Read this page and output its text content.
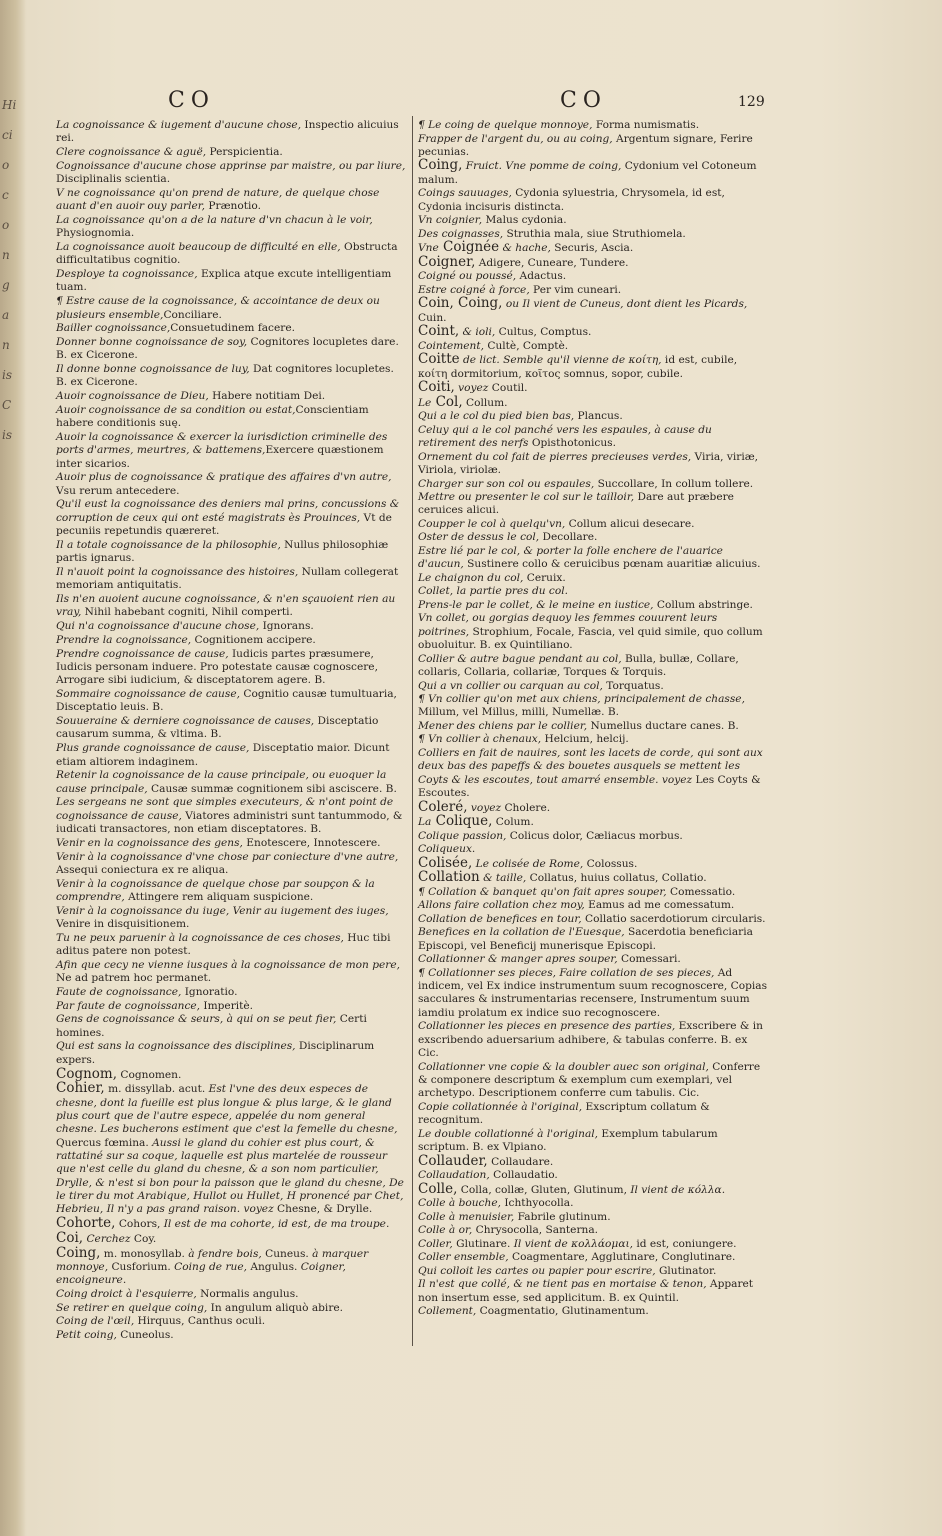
Hi
ci
o
c
o
n
g
a
n
is
C
is
CO	CO	129

La cognoissance & iugement d'aucune chose, Inspectio alicuius rei.

Clere cognoissance & aguë, Perspicientia.

Cognoissance d'aucune chose apprinse par maistre, ou par liure, Disciplinalis scientia.

V ne cognoissance qu'on prend de nature, de quelque chose auant d'en auoir ouy parler, Prænotio.

La cognoissance qu'on a de la nature d'vn chacun à le voir, Physiognomia.

La cognoissance auoit beaucoup de difficulté en elle, Obstructa difficultatibus cognitio.

Desploye ta cognoissance, Explica atque excute intelligentiam tuam.

¶ Estre cause de la cognoissance, & accointance de deux ou plusieurs ensemble,Conciliare.

Bailler cognoissance,Consuetudinem facere.

Donner bonne cognoissance de soy, Cognitores locupletes dare. B. ex Cicerone.

Il donne bonne cognoissance de luy, Dat cognitores locupletes. B. ex Cicerone.

Auoir cognoissance de Dieu, Habere notitiam Dei.

Auoir cognoissance de sa condition ou estat,Conscientiam habere conditionis suę.

Auoir la cognoissance & exercer la iurisdiction criminelle des ports d'armes, meurtres, & battemens,Exercere quæstionem inter sicarios.

Auoir plus de cognoissance & pratique des affaires d'vn autre, Vsu rerum antecedere.

Qu'il eust la cognoissance des deniers mal prins, concussions & corruption de ceux qui ont esté magistrats ès Prouinces, Vt de pecuniis repetundis quæreret.

Il a totale cognoissance de la philosophie, Nullus philosophiæ partis ignarus.

Il n'auoit point la cognoissance des histoires, Nullam collegerat memoriam antiquitatis.

Ils n'en auoient aucune cognoissance, & n'en sçauoient rien au vray, Nihil habebant cogniti, Nihil comperti.

Qui n'a cognoissance d'aucune chose, Ignorans.

Prendre la cognoissance, Cognitionem accipere.

Prendre cognoissance de cause, Iudicis partes præsumere, Iudicis personam induere. Pro potestate causæ cognoscere, Arrogare sibi iudicium, & disceptatorem agere. B.

Sommaire cognoissance de cause, Cognitio causæ tumultuaria, Disceptatio leuis. B.

Souueraine & derniere cognoissance de causes, Disceptatio causarum summa, & vltima. B.

Plus grande cognoissance de cause, Disceptatio maior. Dicunt etiam altiorem indaginem.

Retenir la cognoissance de la cause principale, ou euoquer la cause principale, Causæ summæ cognitionem sibi asciscere. B.

Les sergeans ne sont que simples executeurs, & n'ont point de cognoissance de cause, Viatores administri sunt tantummodo, & iudicati transactores, non etiam disceptatores. B.

Venir en la cognoissance des gens, Enotescere, Innotescere.

Venir à la cognoissance d'vne chose par coniecture d'vne autre, Assequi coniectura ex re aliqua.

Venir à la cognoissance de quelque chose par soupçon & la comprendre, Attingere rem aliquam suspicione.

Venir à la cognoissance du iuge, Venir au iugement des iuges, Venire in disquisitionem.

Tu ne peux paruenir à la cognoissance de ces choses, Huc tibi aditus patere non potest.

Afin que cecy ne vienne iusques à la cognoissance de mon pere, Ne ad patrem hoc permanet.

Faute de cognoissance, Ignoratio.

Par faute de cognoissance, Imperitè.

Gens de cognoissance & seurs, à qui on se peut fier, Certi homines.

Qui est sans la cognoissance des disciplines, Disciplinarum expers.

Cognom, Cognomen.

Cohier, m. dissyllab. acut. Est l'vne des deux especes de chesne, dont la fueille est plus longue & plus large, & le gland plus court que de l'autre espece, appelée du nom general chesne. Les bucherons estiment que c'est la femelle du chesne, Quercus fœmina. Aussi le gland du cohier est plus court, & rattatiné sur sa coque, laquelle est plus martelée de rousseur que n'est celle du gland du chesne, & a son nom particulier, Drylle, & n'est si bon pour la paisson que le gland du chesne, De le tirer du mot Arabique, Hullot ou Hullet, H pronencé par Chet, Hebrieu, Il n'y a pas grand raison. voyez Chesne, & Drylle.

Cohorte, Cohors, Il est de ma cohorte, id est, de ma troupe.

Coi, Cerchez Coy.

Coing, m. monosyllab. à fendre bois, Cuneus. à marquer monnoye, Cusforium. Coing de rue, Angulus. Coigner, encoigneure.

Coing droict à l'esquierre, Normalis angulus.

Se retirer en quelque coing, In angulum aliquò abire.

Coing de l'œil, Hirquus, Canthus oculi.

Petit coing, Cuneolus.

¶ Le coing de quelque monnoye, Forma numismatis.

Frapper de l'argent du, ou au coing, Argentum signare, Ferire pecunias.

Coing, Fruict. Vne pomme de coing, Cydonium vel Cotoneum malum.

Coings sauuages, Cydonia syluestria, Chrysomela, id est, Cydonia incisuris distincta.

Vn coignier, Malus cydonia.

Des coignasses, Struthia mala, siue Struthiomela.

Vne Coignée & hache, Securis, Ascia.

Coigner, Adigere, Cuneare, Tundere.

Coigné ou poussé, Adactus.

Estre coigné à force, Per vim cuneari.

Coin, Coing, ou Il vient de Cuneus, dont dient les Picards, Cuin.

Coint, & ioli, Cultus, Comptus.

Cointement, Cultè, Comptè.

Coitte de lict. Semble qu'il vienne de κοίτη, id est, cubile, κοίτη dormitorium, κοῖτος somnus, sopor, cubile.

Coiti, voyez Coutil.

Le Col, Collum.

Qui a le col du pied bien bas, Plancus.

Celuy qui a le col panché vers les espaules, à cause du retirement des nerfs Opisthotonicus.

Ornement du col fait de pierres precieuses verdes, Viria, viriæ, Viriola, viriolæ.

Charger sur son col ou espaules, Succollare, In collum tollere.

Mettre ou presenter le col sur le tailloir, Dare aut præbere ceruices alicui.

Coupper le col à quelqu'vn, Collum alicui desecare.

Oster de dessus le col, Decollare.

Estre lié par le col, & porter la folle enchere de l'auarice d'aucun, Sustinere collo & ceruicibus pœnam auaritiæ alicuius.

Le chaignon du col, Ceruix.

Collet, la partie pres du col.

Prens-le par le collet, & le meine en iustice, Collum abstringe.

Vn collet, ou gorgias dequoy les femmes couurent leurs poitrines, Strophium, Focale, Fascia, vel quid simile, quo collum obuoluitur. B. ex Quintiliano.

Collier & autre bague pendant au col, Bulla, bullæ, Collare, collaris, Collaria, collariæ, Torques & Torquis.

Qui a vn collier ou carquan au col, Torquatus.

¶ Vn collier qu'on met aux chiens, principalement de chasse, Millum, vel Millus, milli, Numellæ. B.

Mener des chiens par le collier, Numellus ductare canes. B.

¶ Vn collier à chenaux, Helcium, helcij.

Colliers en fait de nauires, sont les lacets de corde, qui sont aux deux bas des papeffs & des bouetes ausquels se mettent les Coyts & les escoutes, tout amarré ensemble. voyez Les Coyts & Escoutes.

Coleré, voyez Cholere.

La Colique, Colum.

Colique passion, Colicus dolor, Cæliacus morbus.

Coliqueux.

Colisée, Le colisée de Rome, Colossus.

Collation & taille, Collatus, huius collatus, Collatio.

¶ Collation & banquet qu'on fait apres souper, Comessatio.

Allons faire collation chez moy, Eamus ad me comessatum.

Collation de benefices en tour, Collatio sacerdotiorum circularis.

Benefices en la collation de l'Euesque, Sacerdotia beneficiaria Episcopi, vel Beneficij munerisque Episcopi.

Collationner & manger apres souper, Comessari.

¶ Collationner ses pieces, Faire collation de ses pieces, Ad indicem, vel Ex indice instrumentum suum recognoscere, Copias sacculares & instrumentarias recensere, Instrumentum suum iamdiu prolatum ex indice suo recognoscere.

Collationner les pieces en presence des parties, Exscribere & in exscribendo aduersarium adhibere, & tabulas conferre. B. ex Cic.

Collationner vne copie & la doubler auec son original, Conferre & componere descriptum & exemplum cum exemplari, vel archetypo. Descriptionem conferre cum tabulis. Cic.

Copie collationnée à l'original, Exscriptum collatum & recognitum.

Le double collationné à l'original, Exemplum tabularum scriptum. B. ex Vlpiano.

Collauder, Collaudare.

Collaudation, Collaudatio.

Colle, Colla, collæ, Gluten, Glutinum, Il vient de κόλλα.

Colle à bouche, Ichthyocolla.

Colle à menuisier, Fabrile glutinum.

Colle à or, Chrysocolla, Santerna.

Coller, Glutinare. Il vient de κολλάομαι, id est, coniungere.

Coller ensemble, Coagmentare, Agglutinare, Conglutinare.

Qui colloit les cartes ou papier pour escrire, Glutinator.

Il n'est que collé, & ne tient pas en mortaise & tenon, Apparet non insertum esse, sed applicitum. B. ex Quintil.

Collement, Coagmentatio, Glutinamentum.
